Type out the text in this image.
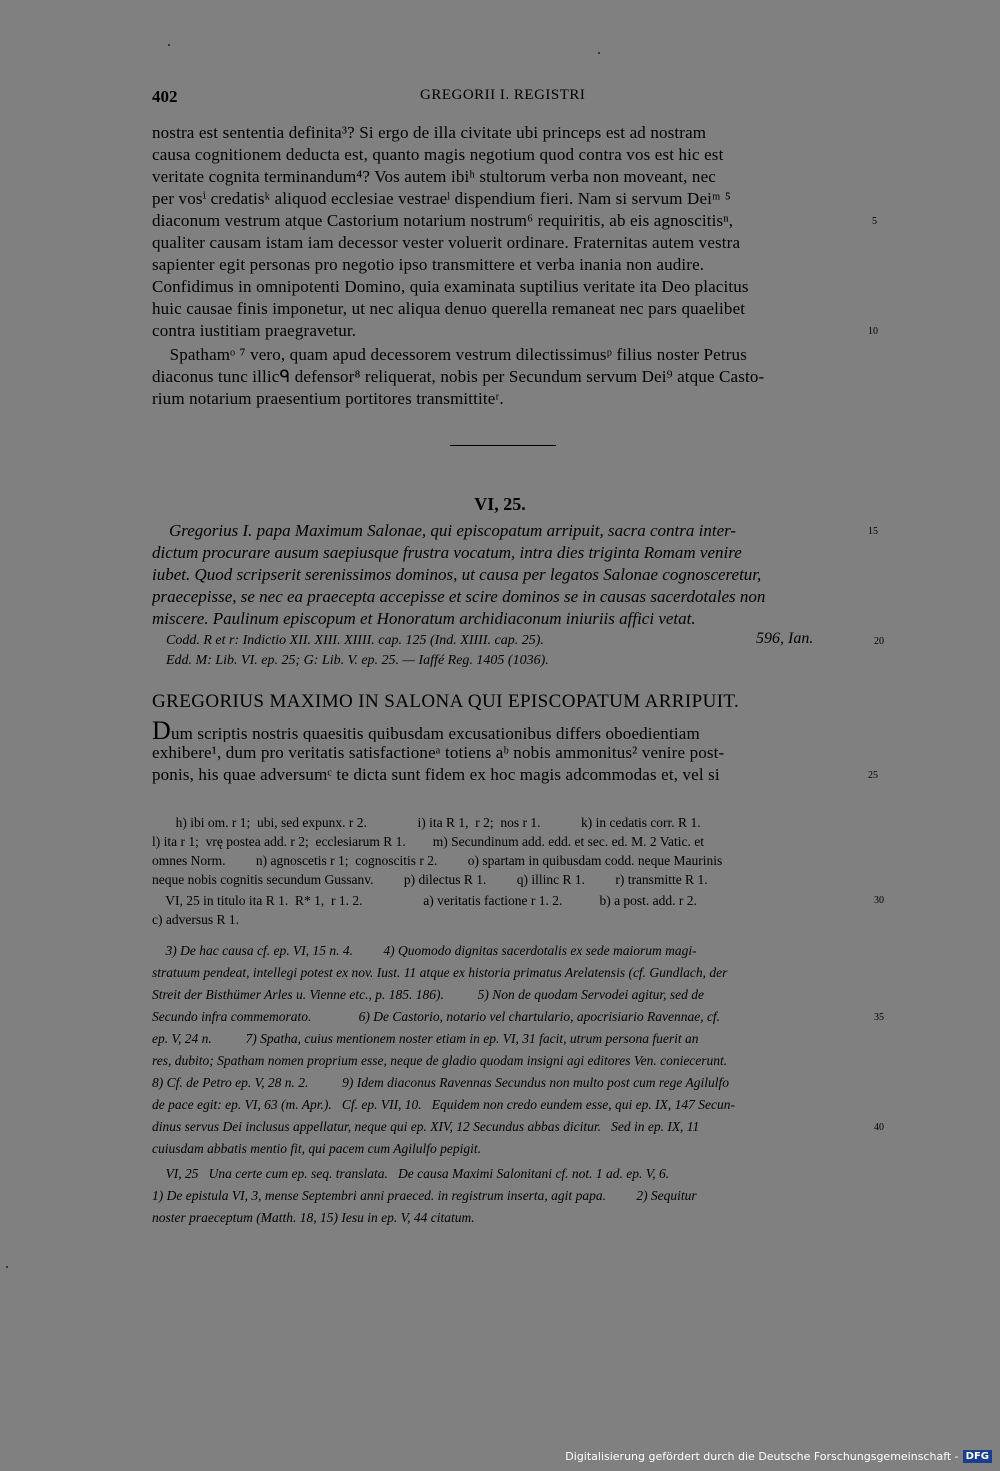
402	GREGORII I. REGISTRI
nostra est sententia definita³? Si ergo de illa civitate ubi princeps est ad nostram
causa cognitionem deducta est, quanto magis negotium quod contra vos est hic est
veritate cognita terminandum⁴? Vos autem ibiʰ stultorum verba non moveant, nec
per vosⁱ credatisᵏ aliquod ecclesiae vestraeˡ dispendium fieri. Nam si servum Deiᵐ ⁵
diaconum vestrum atque Castorium notarium nostrum⁶ requiritis, ab eis agnoscitisⁿ,
qualiter causam istam iam decessor vester voluerit ordinare. Fraternitas autem vestra
sapienter egit personas pro negotio ipso transmittere et verba inania non audire.
Confidimus in omnipotenti Domino, quia examinata suptilius veritate ita Deo placitus
huic causae finis imponetur, ut nec aliqua denuo querella remaneat nec pars quaelibet
contra iustitiam praegravetur.
Spathamᵒ ⁷ vero, quam apud decessorem vestrum dilectissimusᵖ filius noster Petrus
diaconus tunc illicᑫ defensor⁸ reliquerat, nobis per Secundum servum Dei⁹ atque Casto-
rium notarium praesentium portitores transmittiteʳ.
5
10
VI, 25.
Gregorius I. papa Maximum Salonae, qui episcopatum arripuit, sacra contra inter-
dictum procurare ausum saepiusque frustra vocatum, intra dies triginta Romam venire
iubet. Quod scripserit serenissimos dominos, ut causa per legatos Salonae cognosceretur,
praecepisse, se nec ea praecepta accepisse et scire dominos se in causas sacerdotales non
miscere. Paulinum episcopum et Honoratum archidiaconum iniuriis affici vetat.
15
Codd. R et r: Indictio XII. XIII. XIIII. cap. 125 (Ind. XIIII. cap. 25).
Edd. M: Lib. VI. ep. 25; G: Lib. V. ep. 25. — Iaffé Reg. 1405 (1036).
596, Ian.	20
GREGORIUS MAXIMO IN SALONA QUI EPISCOPATUM ARRIPUIT.
Dum scriptis nostris quaesitis quibusdam excusationibus differs oboedientiam
exhibere¹, dum pro veritatis satisfactioneᵃ totiens aᵇ nobis ammonitus² venire post-
ponis, his quae adversumᶜ te dicta sunt fidem ex hoc magis adcommodas et, vel si	25
h) ibi om. r 1;  ubi, sed expunx. r 2.               i) ita R 1,  r 2;  nos r 1.            k) in cedatis corr. R 1.
l) ita r 1;  vrę postea add. r 2;  ecclesiarum R 1.        m) Secundinum add. edd. et sec. ed. M. 2 Vatic. et
omnes Norm.         n) agnoscetis r 1;  cognoscitis r 2.         o) spartam in quibusdam codd. neque Maurinis
neque nobis cognitis secundum Gussanv.         p) dilectus R 1.         q) illinc R 1.         r) transmitte R 1.
VI, 25 in titulo ita R 1.  R* 1,  r 1. 2.                  a) veritatis factione r 1. 2.           b) a post. add. r 2.
c) adversus R 1.
30
3) De hac causa cf. ep. VI, 15 n. 4.         4) Quomodo dignitas sacerdotalis ex sede maiorum magi-
stratuum pendeat, intellegi potest ex nov. Iust. 11 atque ex historia primatus Arelatensis (cf. Gundlach, der
Streit der Bisthümer Arles u. Vienne etc., p. 185. 186).          5) Non de quodam Servodei agitur, sed de
Secundo infra commemorato.              6) De Castorio, notario vel chartulario, apocrisiario Ravennae, cf.
ep. V, 24 n.          7) Spatha, cuius mentionem noster etiam in ep. VI, 31 facit, utrum persona fuerit an
res, dubito; Spatham nomen proprium esse, neque de gladio quodam insigni agi editores Ven. coniecerunt.
8) Cf. de Petro ep. V, 28 n. 2.          9) Idem diaconus Ravennas Secundus non multo post cum rege Agilulfo
de pace egit: ep. VI, 63 (m. Apr.).   Cf. ep. VII, 10.   Equidem non credo eundem esse, qui ep. IX, 147 Secun-
dinus servus Dei inclusus appellatur, neque qui ep. XIV, 12 Secundus abbas dicitur.   Sed in ep. IX, 11
cuiusdam abbatis mentio fit, qui pacem cum Agilulfo pepigit.
35
40
VI, 25   Una certe cum ep. seq. translata.   De causa Maximi Salonitani cf. not. 1 ad. ep. V, 6.
1) De epistula VI, 3, mense Septembri anni praeced. in registrum inserta, agit papa.         2) Sequitur
noster praeceptum (Matth. 18, 15) Iesu in ep. V, 44 citatum.
Digitalisierung gefördert durch die Deutsche Forschungsgemeinschaft - DFG
